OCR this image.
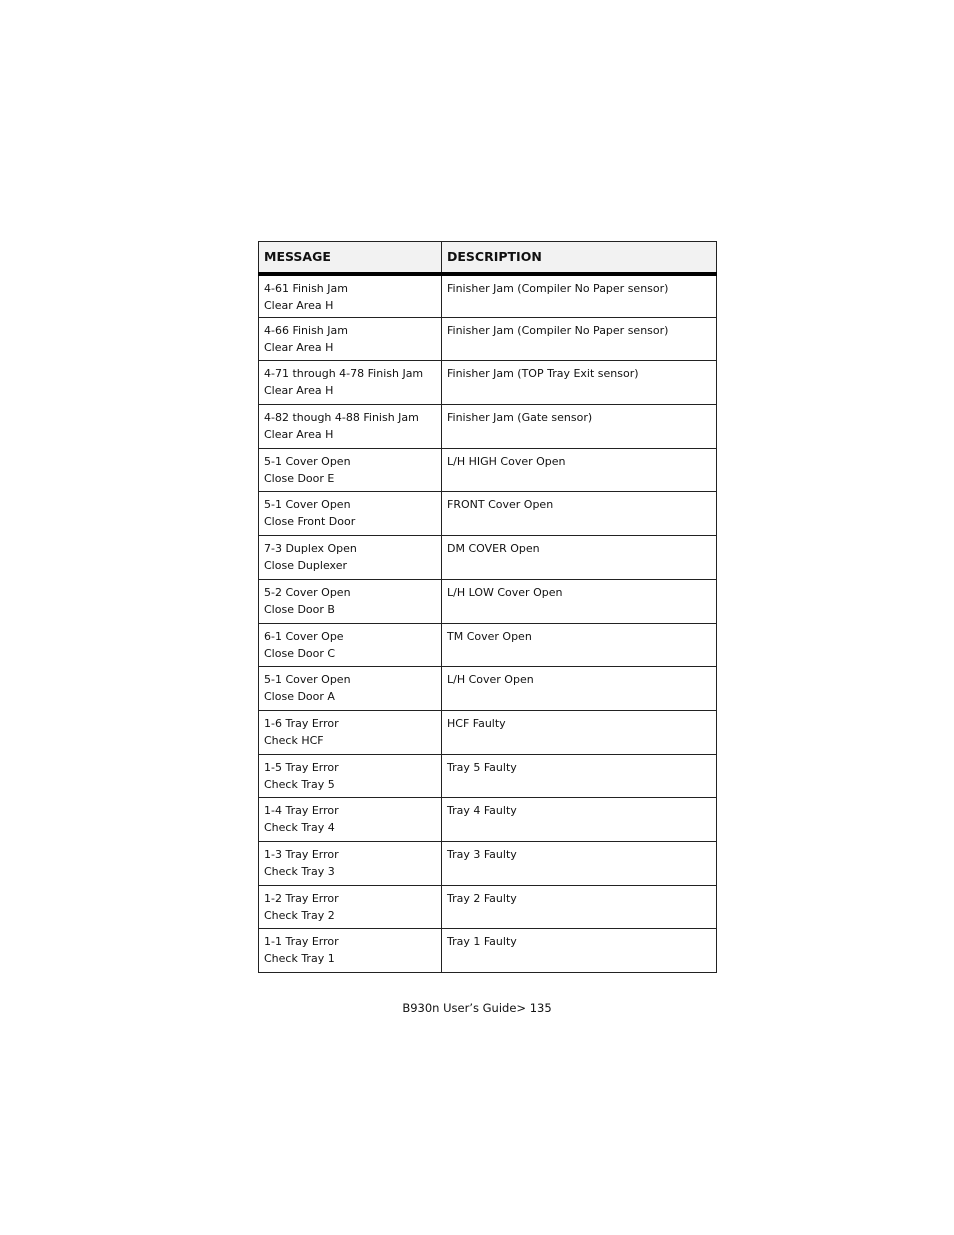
MESSAGE	DESCRIPTION

4-61 Finish Jam
Clear Area H	Finisher Jam (Compiler No Paper sensor)

4-66 Finish Jam
Clear Area H	Finisher Jam (Compiler No Paper sensor)

4-71 through 4-78 Finish Jam
Clear Area H	Finisher Jam (TOP Tray Exit sensor)

4-82 though 4-88 Finish Jam
Clear Area H	Finisher Jam (Gate sensor)

5-1 Cover Open
Close Door E	L/H HIGH Cover Open

5-1 Cover Open
Close Front Door	FRONT Cover Open

7-3 Duplex Open
Close Duplexer	DM COVER Open

5-2 Cover Open
Close Door B	L/H LOW Cover Open

6-1 Cover Ope
Close Door C	TM Cover Open

5-1 Cover Open
Close Door A	L/H Cover Open

1-6 Tray Error
Check HCF	HCF Faulty

1-5 Tray Error
Check Tray 5	Tray 5 Faulty

1-4 Tray Error
Check Tray 4	Tray 4 Faulty

1-3 Tray Error
Check Tray 3	Tray 3 Faulty

1-2 Tray Error
Check Tray 2	Tray 2 Faulty

1-1 Tray Error
Check Tray 1	Tray 1 Faulty
B930n User’s Guide> 135
